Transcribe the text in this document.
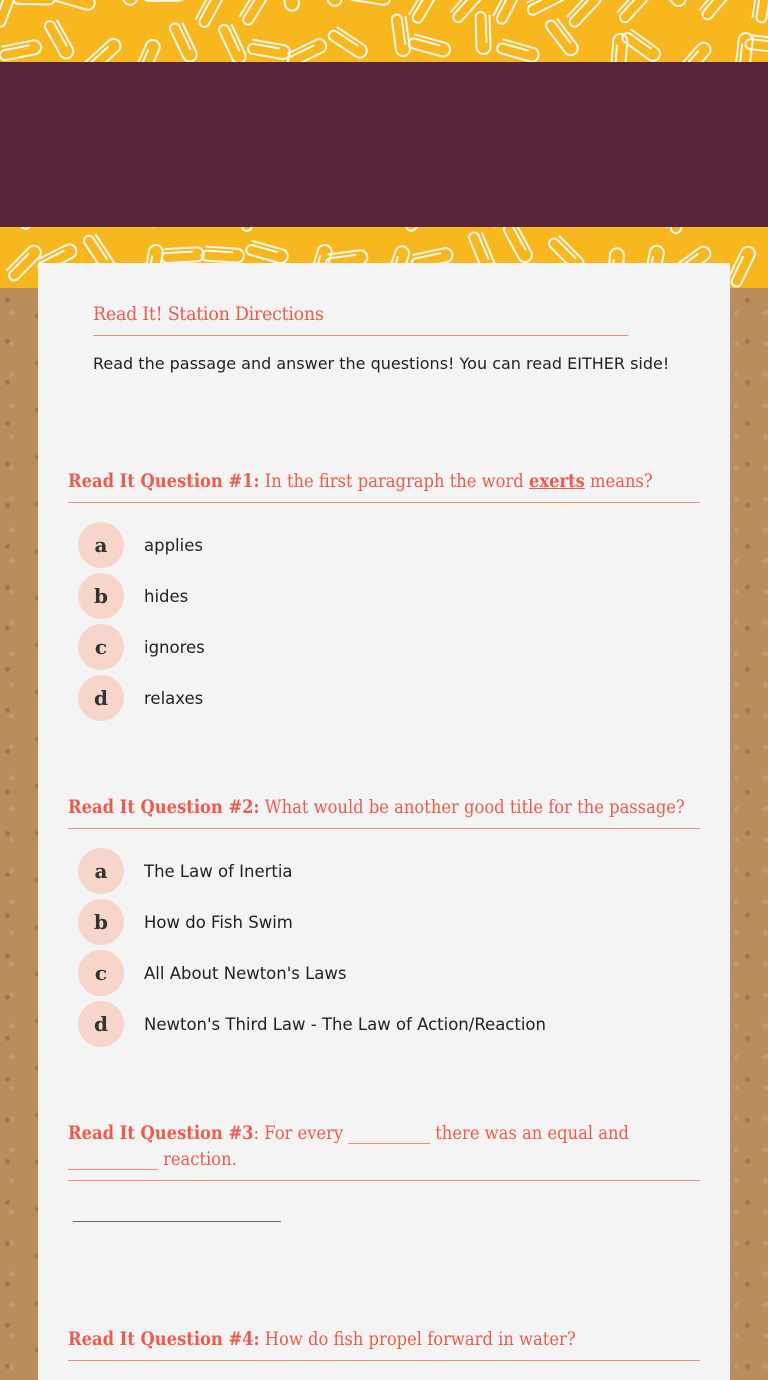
Read It! Station Directions
Read the passage and answer the questions! You can read EITHER side!
Read It Question #1: In the first paragraph the word exerts means?
a	applies
b	hides
c	ignores
d	relaxes
Read It Question #2: What would be another good title for the passage?
a	The Law of Inertia
b	How do Fish Swim
c	All About Newton's Laws
d	Newton's Third Law - The Law of Action/Reaction
Read It Question #3: For every __________ there was an equal and ___________ reaction.
Read It Question #4: How do fish propel forward in water?
